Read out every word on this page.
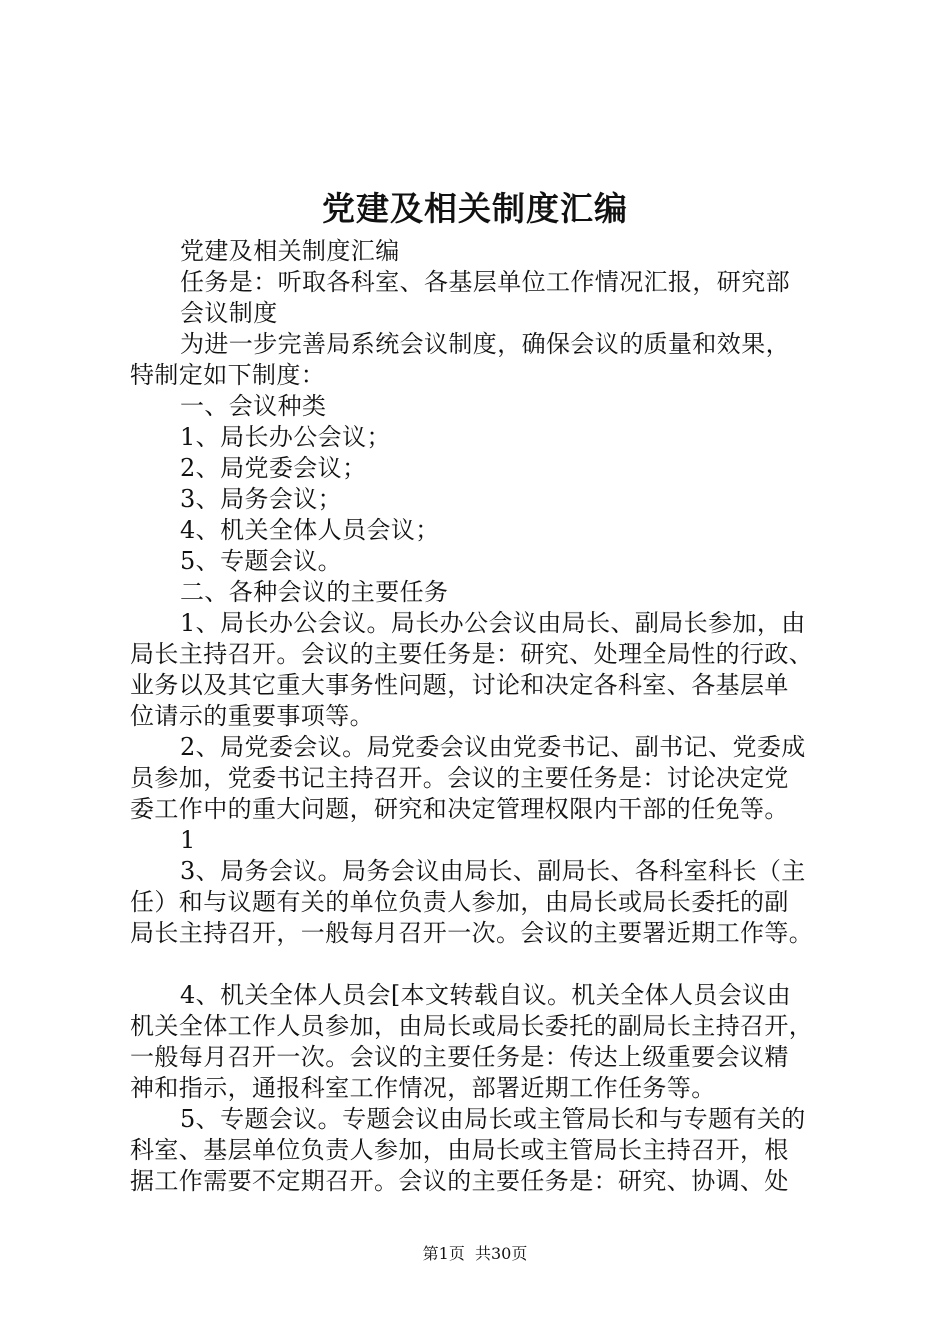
党建及相关制度汇编

党建及相关制度汇编

任务是：听取各科室、各基层单位工作情况汇报，研究部

会议制度

为进一步完善局系统会议制度，确保会议的质量和效果，

特制定如下制度：

一、会议种类

1、局长办公会议；

2、局党委会议；

3、局务会议；

4、机关全体人员会议；

5、专题会议。

二、各种会议的主要任务

1、局长办公会议。局长办公会议由局长、副局长参加，由

局长主持召开。会议的主要任务是：研究、处理全局性的行政、

业务以及其它重大事务性问题，讨论和决定各科室、各基层单

位请示的重要事项等。

2、局党委会议。局党委会议由党委书记、副书记、党委成

员参加，党委书记主持召开。会议的主要任务是：讨论决定党

委工作中的重大问题，研究和决定管理权限内干部的任免等。

1

3、局务会议。局务会议由局长、副局长、各科室科长（主

任）和与议题有关的单位负责人参加，由局长或局长委托的副

局长主持召开，一般每月召开一次。会议的主要署近期工作等。

4、机关全体人员会[本文转载自议。机关全体人员会议由

机关全体工作人员参加，由局长或局长委托的副局长主持召开，

一般每月召开一次。会议的主要任务是：传达上级重要会议精

神和指示，通报科室工作情况，部署近期工作任务等。

5、专题会议。专题会议由局长或主管局长和与专题有关的

科室、基层单位负责人参加，由局长或主管局长主持召开，根

据工作需要不定期召开。会议的主要任务是：研究、协调、处

第1页  共30页
